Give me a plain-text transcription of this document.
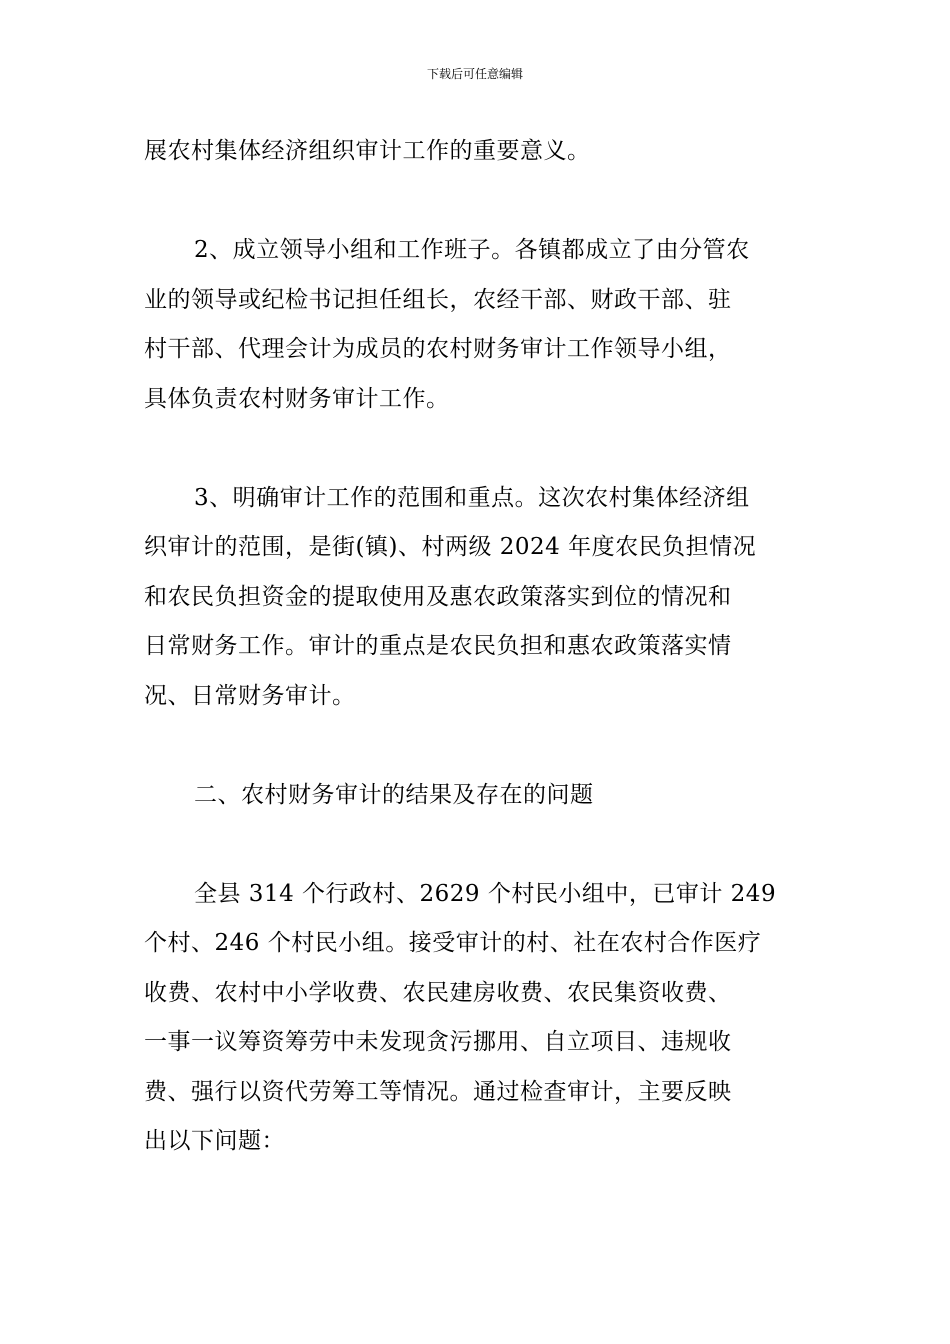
下载后可任意编辑
展农村集体经济组织审计工作的重要意义。
2、成立领导小组和工作班子。各镇都成立了由分管农
业的领导或纪检书记担任组长，农经干部、财政干部、驻
村干部、代理会计为成员的农村财务审计工作领导小组，
具体负责农村财务审计工作。
3、明确审计工作的范围和重点。这次农村集体经济组
织审计的范围，是街(镇)、村两级 2024 年度农民负担情况
和农民负担资金的提取使用及惠农政策落实到位的情况和
日常财务工作。审计的重点是农民负担和惠农政策落实情
况、日常财务审计。
二、农村财务审计的结果及存在的问题
全县 314 个行政村、2629 个村民小组中，已审计 249
个村、246 个村民小组。接受审计的村、社在农村合作医疗
收费、农村中小学收费、农民建房收费、农民集资收费、
一事一议筹资筹劳中未发现贪污挪用、自立项目、违规收
费、强行以资代劳筹工等情况。通过检查审计，主要反映
出以下问题：
